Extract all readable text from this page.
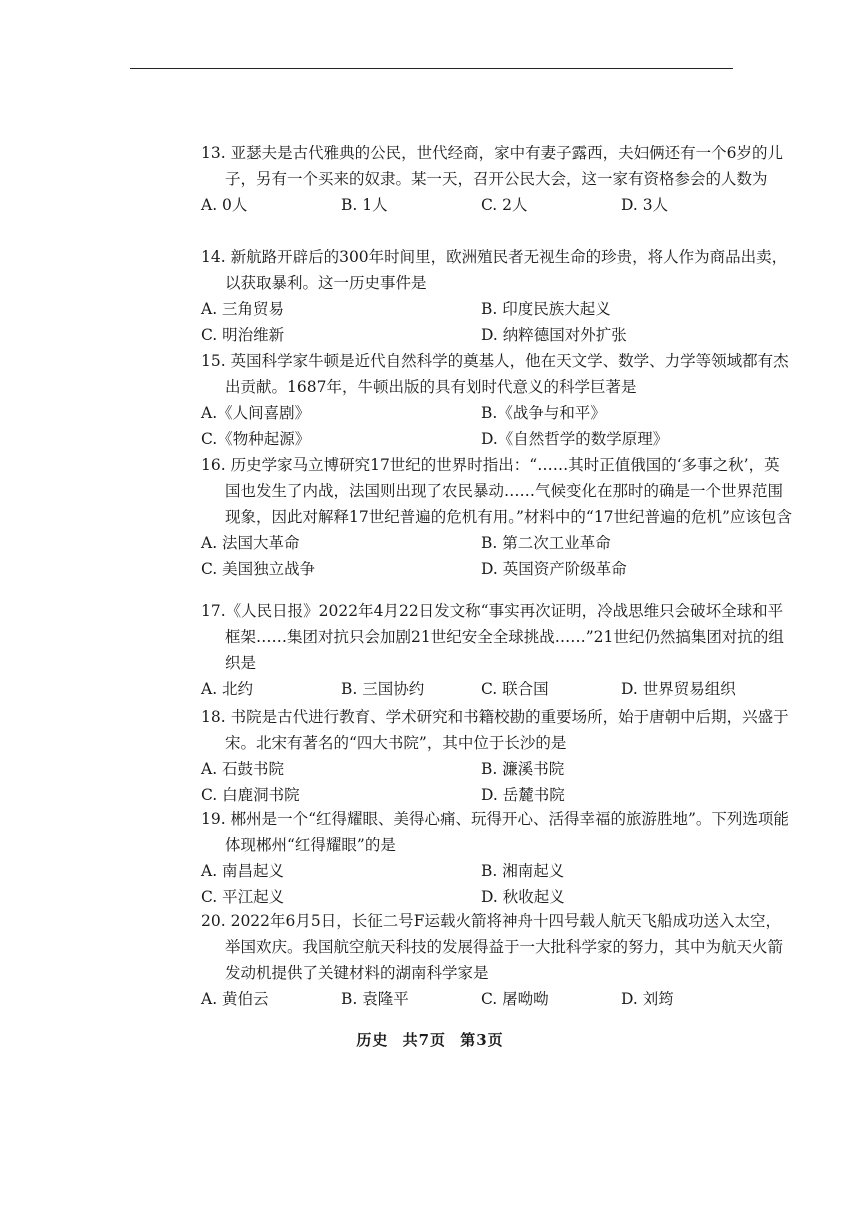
13. 亚瑟夫是古代雅典的公民，世代经商，家中有妻子露西，夫妇俩还有一个6岁的儿子，另有一个买来的奴隶。某一天，召开公民大会，这一家有资格参会的人数为

A. 0人	B. 1人	C. 2人	D. 3人

14. 新航路开辟后的300年时间里，欧洲殖民者无视生命的珍贵，将人作为商品出卖，以获取暴利。这一历史事件是

A. 三角贸易	B. 印度民族大起义
C. 明治维新	D. 纳粹德国对外扩张

15. 英国科学家牛顿是近代自然科学的奠基人，他在天文学、数学、力学等领域都有杰出贡献。1687年，牛顿出版的具有划时代意义的科学巨著是

A.《人间喜剧》	B.《战争与和平》
C.《物种起源》	D.《自然哲学的数学原理》

16. 历史学家马立博研究17世纪的世界时指出：“……其时正值俄国的‘多事之秋’，英国也发生了内战，法国则出现了农民暴动……气候变化在那时的确是一个世界范围现象，因此对解释17世纪普遍的危机有用。”材料中的“17世纪普遍的危机”应该包含

A. 法国大革命	B. 第二次工业革命
C. 美国独立战争	D. 英国资产阶级革命

17.《人民日报》2022年4月22日发文称“事实再次证明，冷战思维只会破坏全球和平框架……集团对抗只会加剧21世纪安全全球挑战……”21世纪仍然搞集团对抗的组织是

A. 北约	B. 三国协约	C. 联合国	D. 世界贸易组织

18. 书院是古代进行教育、学术研究和书籍校勘的重要场所，始于唐朝中后期，兴盛于宋。北宋有著名的“四大书院”，其中位于长沙的是

A. 石鼓书院	B. 濂溪书院
C. 白鹿洞书院	D. 岳麓书院

19. 郴州是一个“红得耀眼、美得心痛、玩得开心、活得幸福的旅游胜地”。下列选项能体现郴州“红得耀眼”的是

A. 南昌起义	B. 湘南起义
C. 平江起义	D. 秋收起义

20. 2022年6月5日，长征二号F运载火箭将神舟十四号载人航天飞船成功送入太空，举国欢庆。我国航空航天科技的发展得益于一大批科学家的努力，其中为航天火箭发动机提供了关键材料的湖南科学家是

A. 黄伯云	B. 袁隆平	C. 屠呦呦	D. 刘筠
历史 共7页 第3页
